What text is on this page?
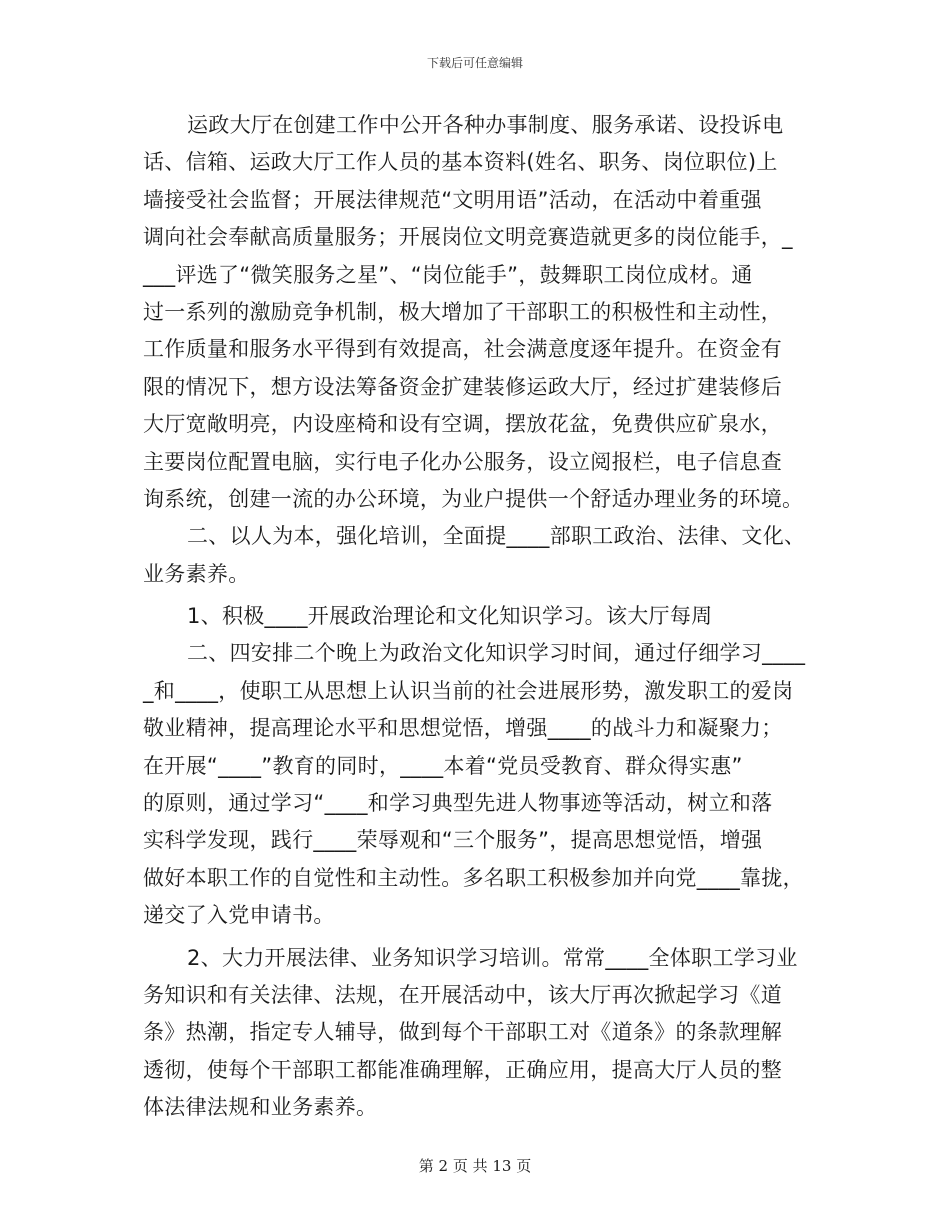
下载后可任意编辑
运政大厅在创建工作中公开各种办事制度、服务承诺、设投诉电
话、信箱、运政大厅工作人员的基本资料(姓名、职务、岗位职位)上
墙接受社会监督；开展法律规范“文明用语”活动，在活动中着重强
调向社会奉献高质量服务；开展岗位文明竞赛造就更多的岗位能手，_
___评选了“微笑服务之星”、“岗位能手”，鼓舞职工岗位成材。通
过一系列的激励竞争机制，极大增加了干部职工的积极性和主动性，
工作质量和服务水平得到有效提高，社会满意度逐年提升。在资金有
限的情况下，想方设法筹备资金扩建装修运政大厅，经过扩建装修后
大厅宽敞明亮，内设座椅和设有空调，摆放花盆，免费供应矿泉水，
主要岗位配置电脑，实行电子化办公服务，设立阅报栏，电子信息查
询系统，创建一流的办公环境，为业户提供一个舒适办理业务的环境。
二、以人为本，强化培训，全面提____部职工政治、法律、文化、
业务素养。
1、积极____开展政治理论和文化知识学习。该大厅每周
二、四安排二个晚上为政治文化知识学习时间，通过仔细学习____
_和____，使职工从思想上认识当前的社会进展形势，激发职工的爱岗
敬业精神，提高理论水平和思想觉悟，增强____的战斗力和凝聚力；
在开展“____”教育的同时，____本着“党员受教育、群众得实惠”
的原则，通过学习“____和学习典型先进人物事迹等活动，树立和落
实科学发现，践行____荣辱观和“三个服务”，提高思想觉悟，增强
做好本职工作的自觉性和主动性。多名职工积极参加并向党____靠拢，
递交了入党申请书。
2、大力开展法律、业务知识学习培训。常常____全体职工学习业
务知识和有关法律、法规，在开展活动中，该大厅再次掀起学习《道
条》热潮，指定专人辅导，做到每个干部职工对《道条》的条款理解
透彻，使每个干部职工都能准确理解，正确应用，提高大厅人员的整
体法律法规和业务素养。
第 2 页 共 13 页
